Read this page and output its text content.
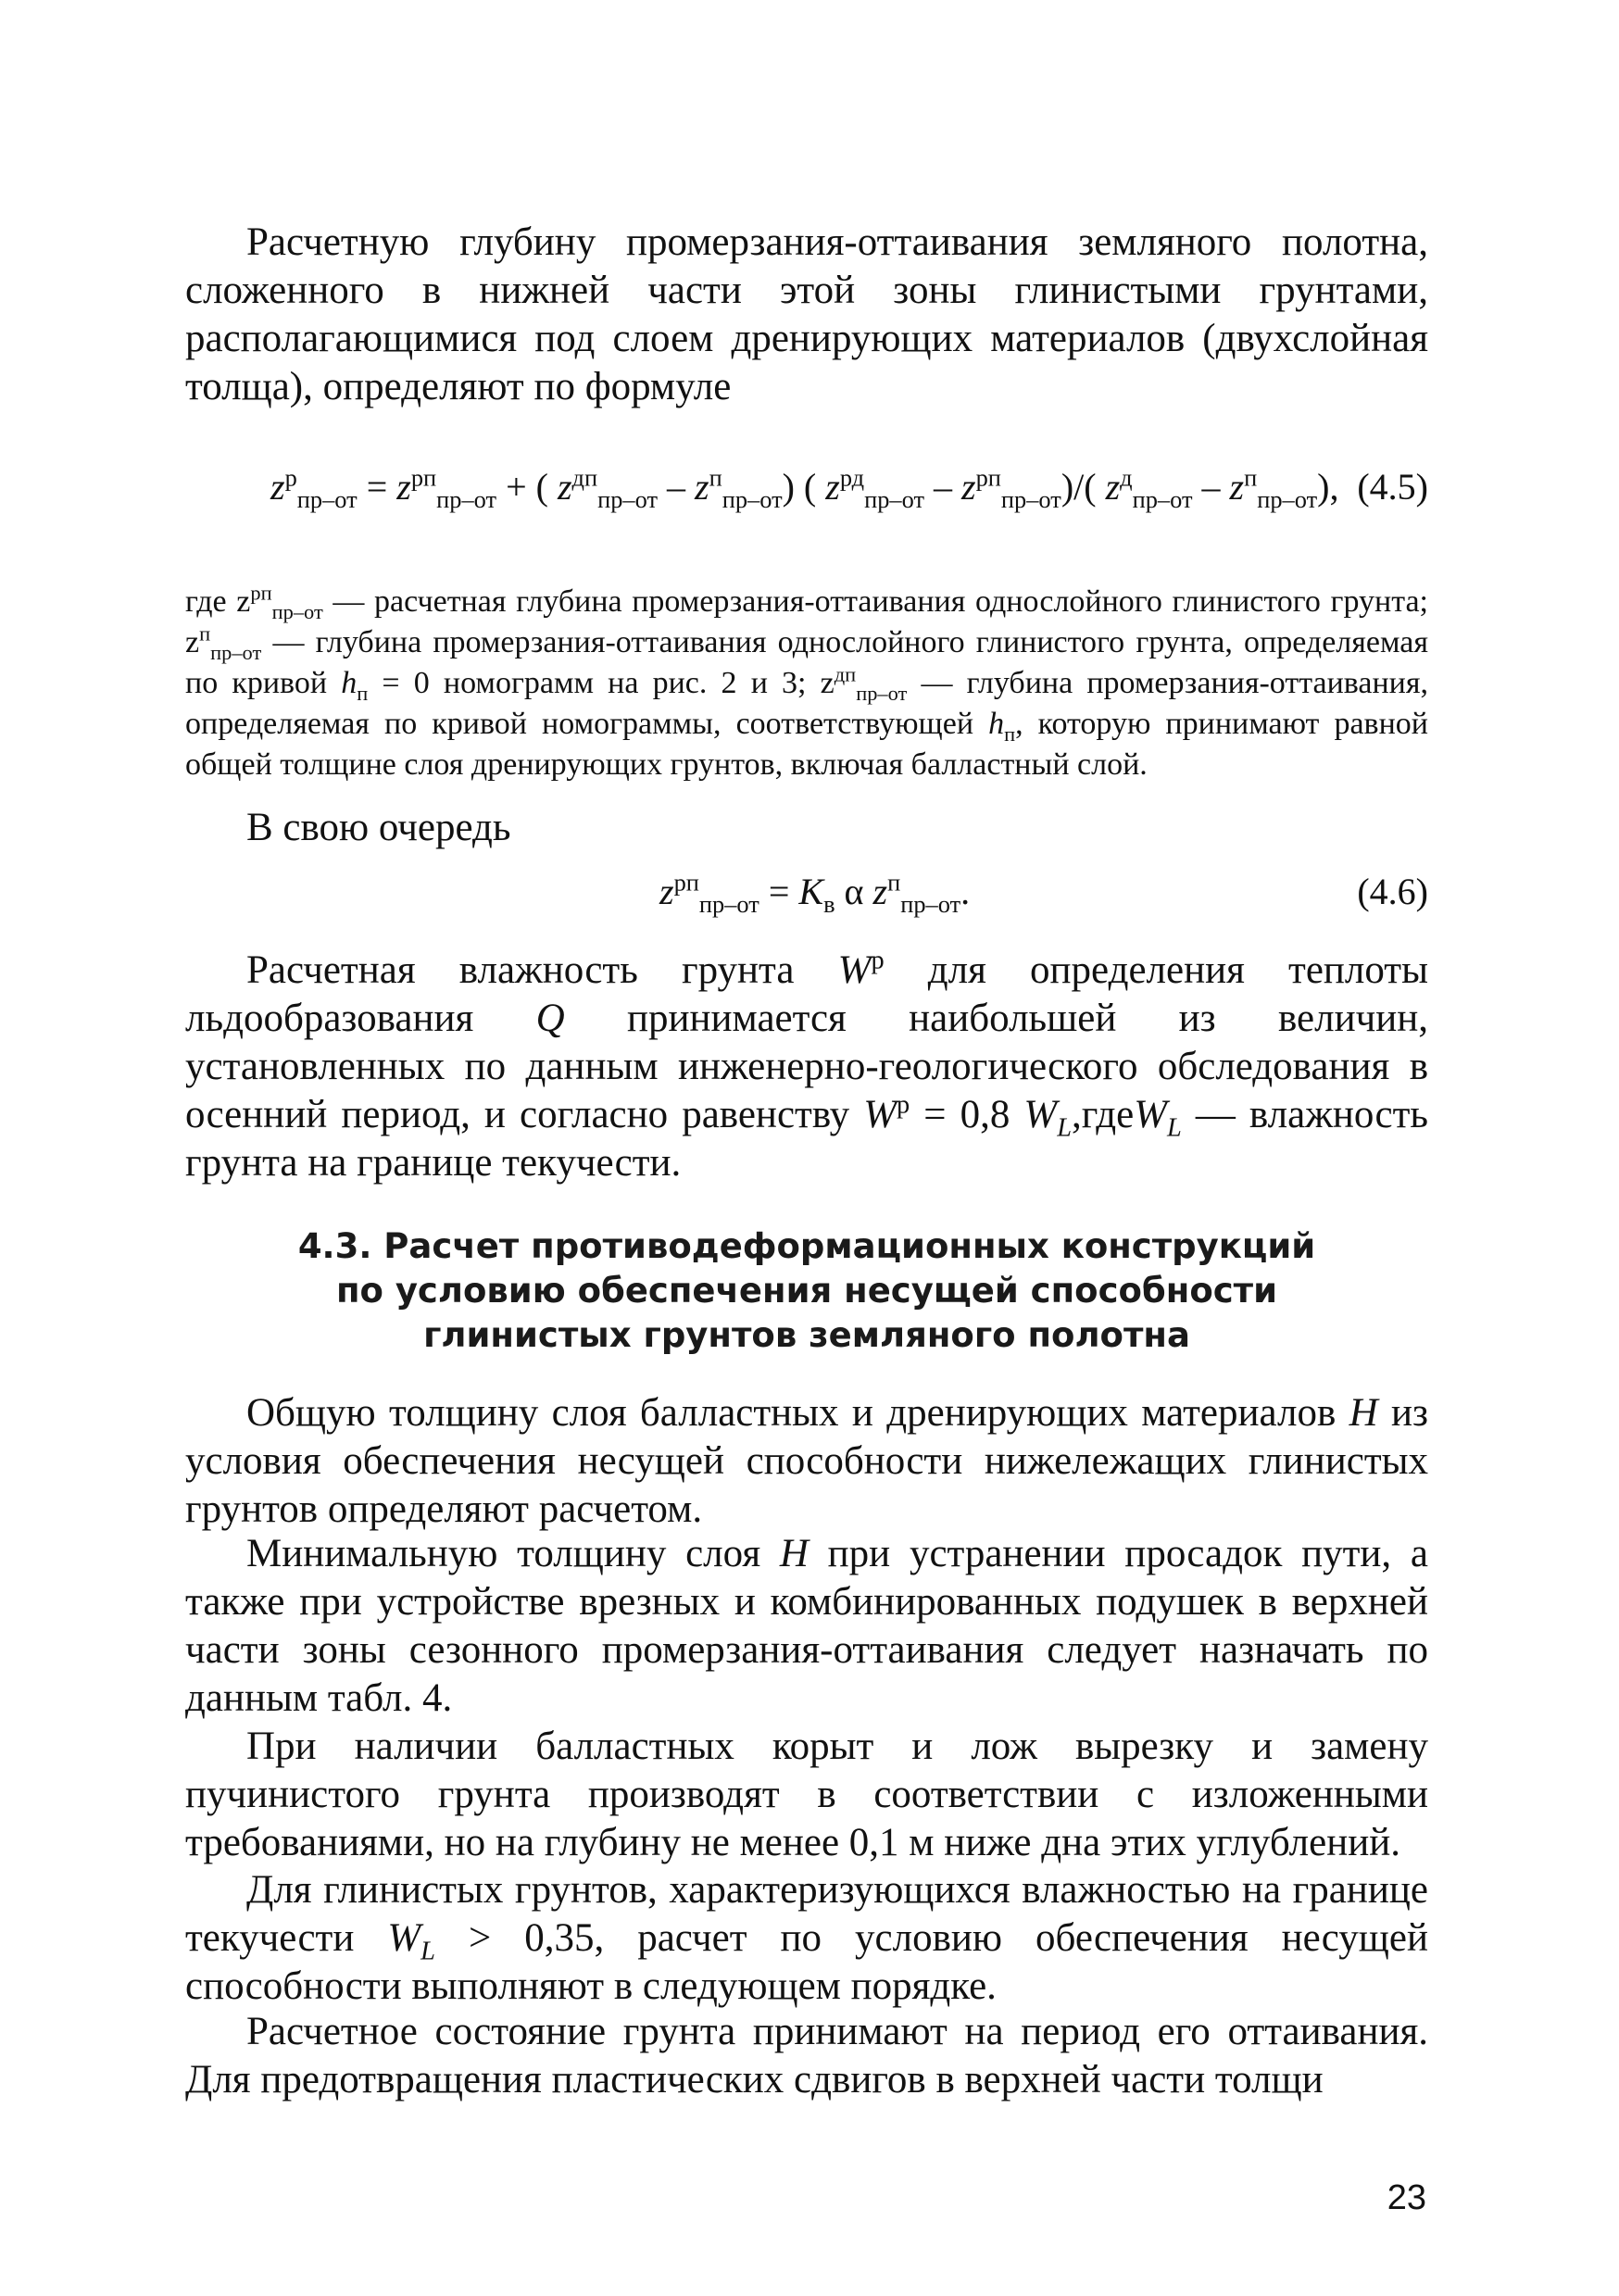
Расчетную глубину промерзания-оттаивания земляного полотна, сложенного в нижней части этой зоны глинистыми грунтами, располагающимися под слоем дренирующих материалов (двухслойная толща), определяют по формуле

$z^р_{пр-от} = z^{рп}_{пр-от}$ + ( $z^{дп}_{пр-от} - z^п_{пр-от}$) ( $z^{рд}_{пр-от} - z^{рп}_{пр-от})/$( $z^д_{пр-от} - z^п_{пр-от}$), (4.5)

где $z^{рп}_{пр-от}$ — расчетная глубина промерзания-оттаивания однослойного глинистого грунта; $z^п_{пр-от}$ — глубина промерзания-оттаивания однослойного глинистого грунта, определяемая по кривой $h_п = 0$ номограмм на рис. 2 и 3; $z^{дп}_{пр-от}$ — глубина промерзания-оттаивания, определяемая по кривой номограммы, соответствующей $h_п$, которую принимают равной общей толщине слоя дренирующих грунтов, включая балластный слой.

В свою очередь

$z^{рп}_{пр-от} = K_в$ α $z^п_{пр-от}$.	(4.6)

Расчетная влажность грунта $W^р$ для определения теплоты льдообразования Q принимается наибольшей из величин, установленных по данным инженерно-геологического обследования в осенний период, и согласно равенству $W^р = 0,8$ $W_L,гдеW_L$ — влажность грунта на границе текучести.

4.3. Расчет противодеформационных конструкций
по условию обеспечения несущей способности
глинистых грунтов земляного полотна

Общую толщину слоя балластных и дренирующих материалов H из условия обеспечения несущей способности нижележащих глинистых грунтов определяют расчетом.

Минимальную толщину слоя H при устранении просадок пути, а также при устройстве врезных и комбинированных подушек в верхней части зоны сезонного промерзания-оттаивания следует назначать по данным табл. 4.

При наличии балластных корыт и лож вырезку и замену пучинистого грунта производят в соответствии с изложенными требованиями, но на глубину не менее 0,1 м ниже дна этих углублений.

Для глинистых грунтов, характеризующихся влажностью на границе текучести $W_L > 0,35$, расчет по условию обеспечения несущей способности выполняют в следующем порядке.

Расчетное состояние грунта принимают на период его оттаивания. Для предотвращения пластических сдвигов в верхней части толщи

23
